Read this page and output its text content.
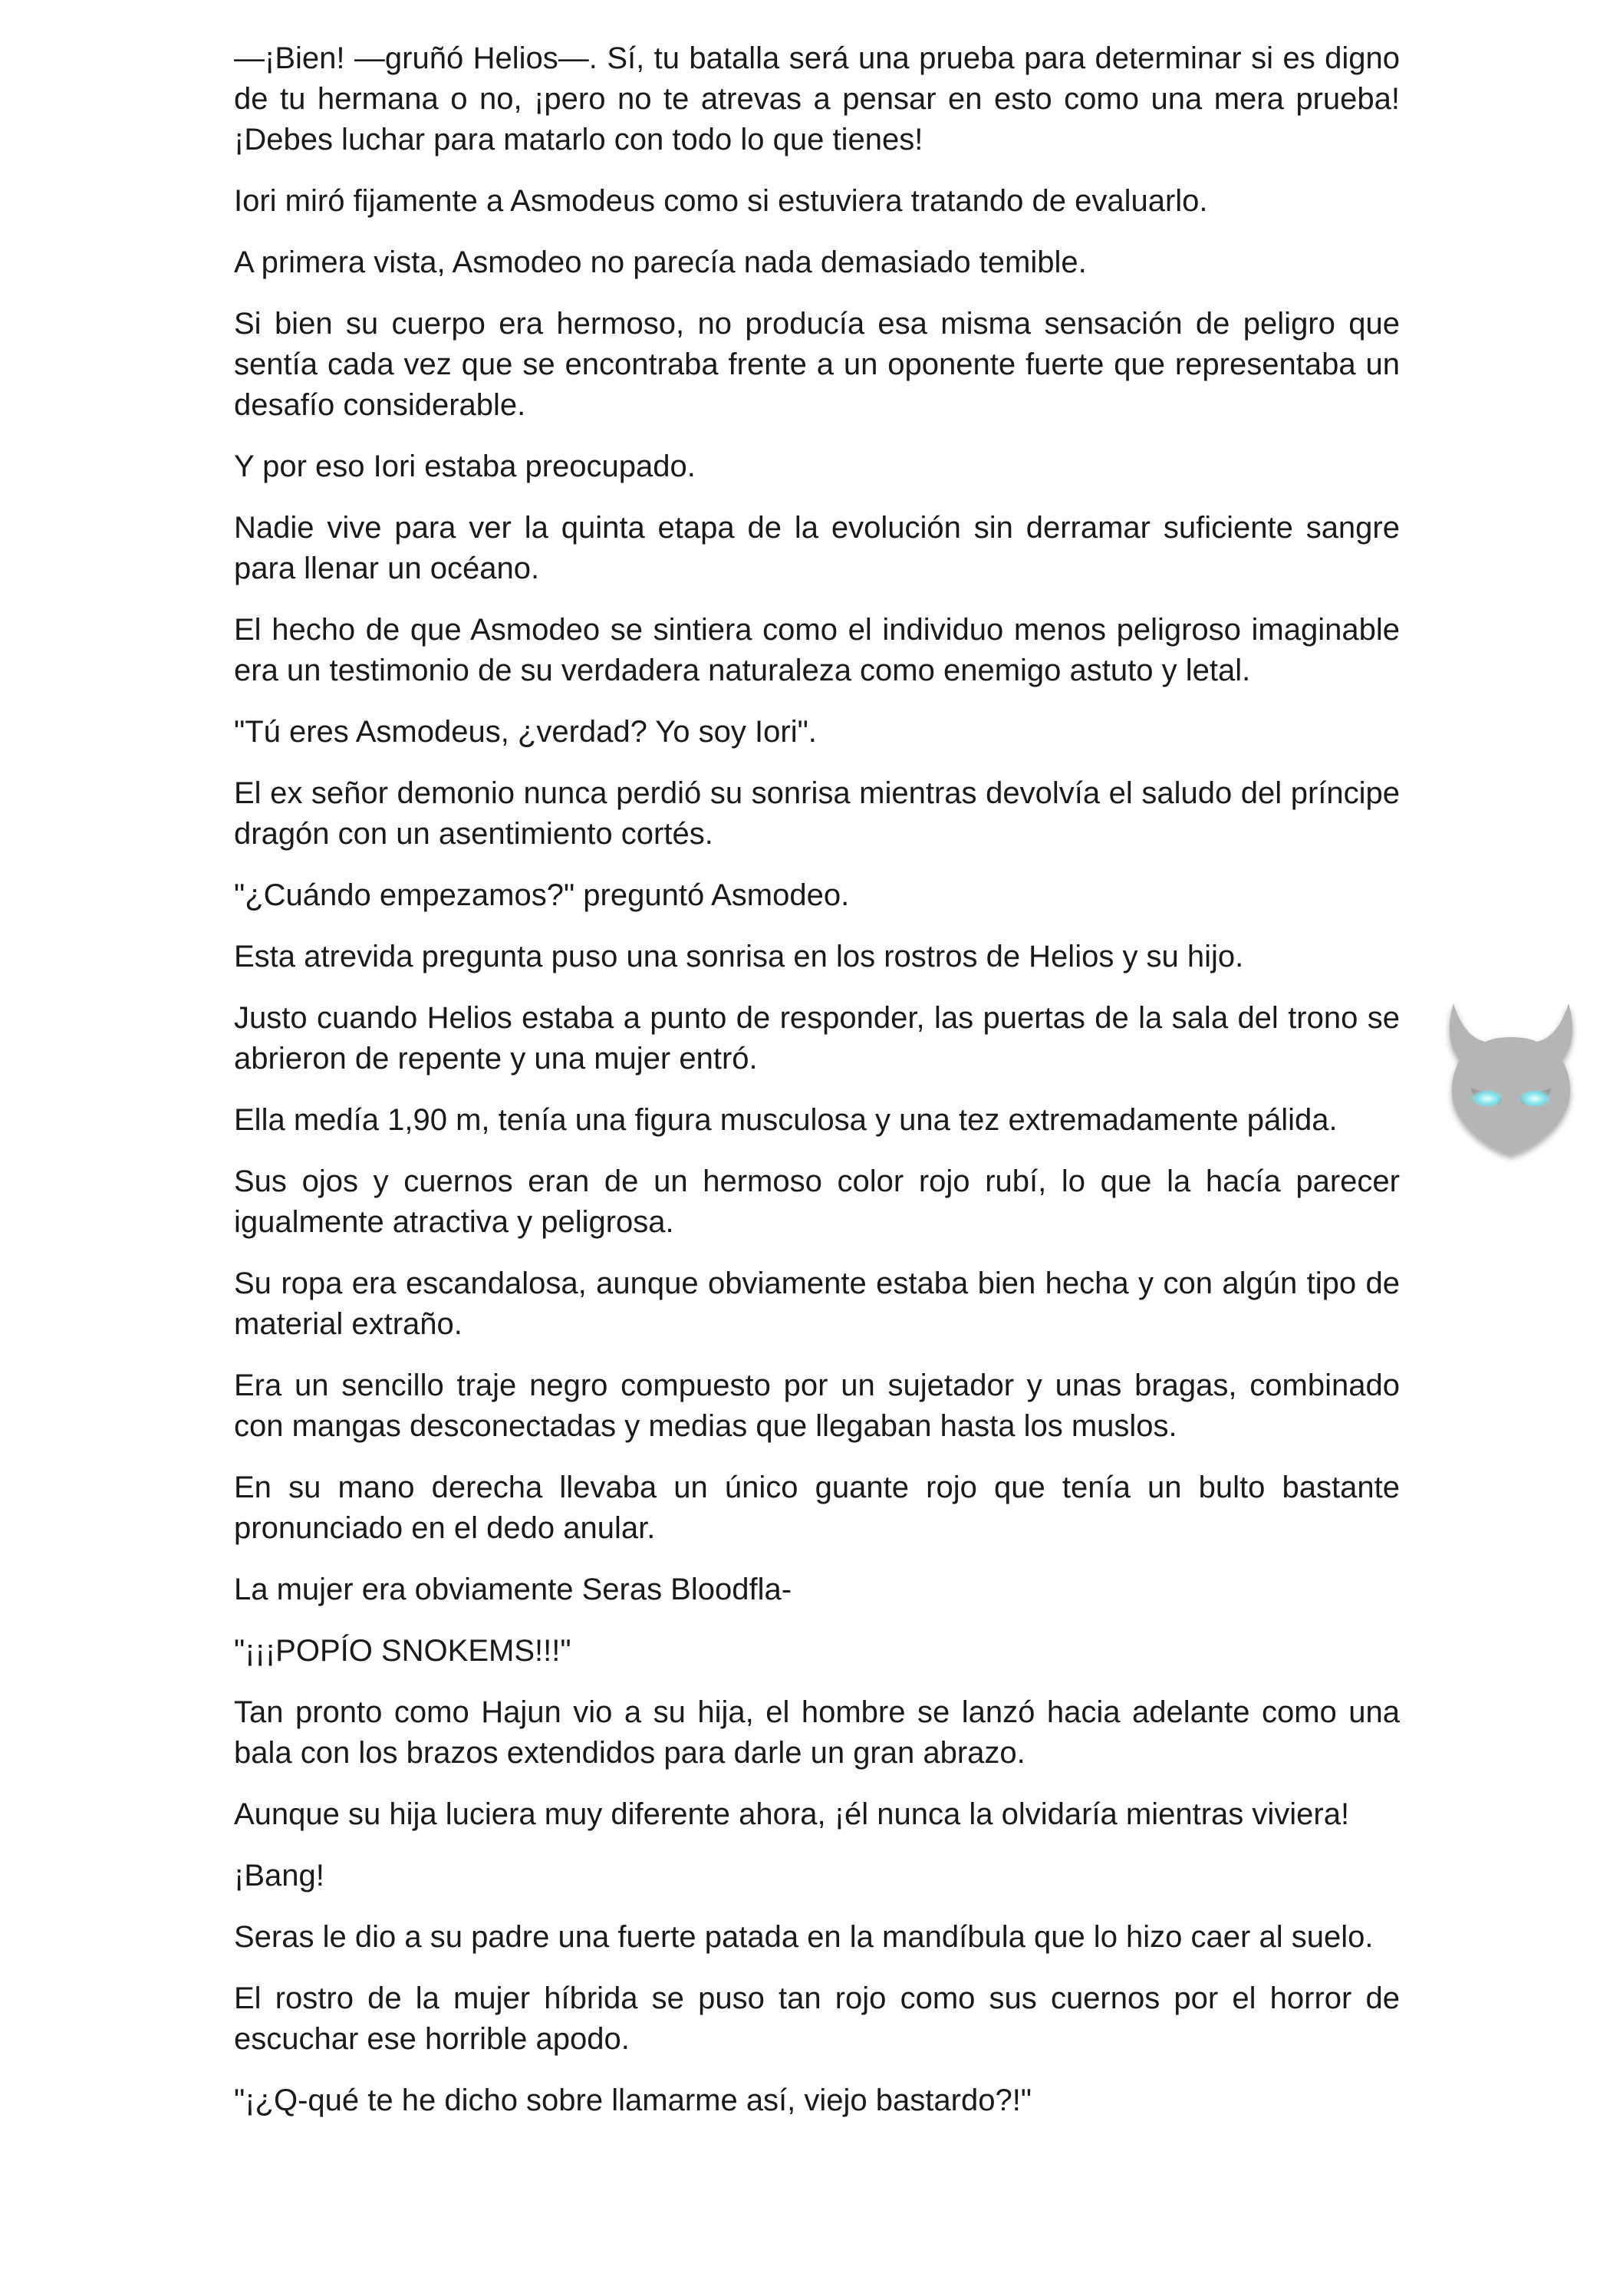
—¡Bien! —gruñó Helios—. Sí, tu batalla será una prueba para determinar si es digno de tu hermana o no, ¡pero no te atrevas a pensar en esto como una mera prueba! ¡Debes luchar para matarlo con todo lo que tienes!

Iori miró fijamente a Asmodeus como si estuviera tratando de evaluarlo.

A primera vista, Asmodeo no parecía nada demasiado temible.

Si bien su cuerpo era hermoso, no producía esa misma sensación de peligro que sentía cada vez que se encontraba frente a un oponente fuerte que representaba un desafío considerable.

Y por eso Iori estaba preocupado.

Nadie vive para ver la quinta etapa de la evolución sin derramar suficiente sangre para llenar un océano.

El hecho de que Asmodeo se sintiera como el individuo menos peligroso imaginable era un testimonio de su verdadera naturaleza como enemigo astuto y letal.

"Tú eres Asmodeus, ¿verdad? Yo soy Iori".

El ex señor demonio nunca perdió su sonrisa mientras devolvía el saludo del príncipe dragón con un asentimiento cortés.

"¿Cuándo empezamos?" preguntó Asmodeo.

Esta atrevida pregunta puso una sonrisa en los rostros de Helios y su hijo.

Justo cuando Helios estaba a punto de responder, las puertas de la sala del trono se abrieron de repente y una mujer entró.

Ella medía 1,90 m, tenía una figura musculosa y una tez extremadamente pálida.

Sus ojos y cuernos eran de un hermoso color rojo rubí, lo que la hacía parecer igualmente atractiva y peligrosa.

Su ropa era escandalosa, aunque obviamente estaba bien hecha y con algún tipo de material extraño.

Era un sencillo traje negro compuesto por un sujetador y unas bragas, combinado con mangas desconectadas y medias que llegaban hasta los muslos.

En su mano derecha llevaba un único guante rojo que tenía un bulto bastante pronunciado en el dedo anular.

La mujer era obviamente Seras Bloodfla-

"¡¡¡POPÍO SNOKEMS!!!"

Tan pronto como Hajun vio a su hija, el hombre se lanzó hacia adelante como una bala con los brazos extendidos para darle un gran abrazo.

Aunque su hija luciera muy diferente ahora, ¡él nunca la olvidaría mientras viviera!

¡Bang!

Seras le dio a su padre una fuerte patada en la mandíbula que lo hizo caer al suelo.

El rostro de la mujer híbrida se puso tan rojo como sus cuernos por el horror de escuchar ese horrible apodo.

"¡¿Q-qué te he dicho sobre llamarme así, viejo bastardo?!"
